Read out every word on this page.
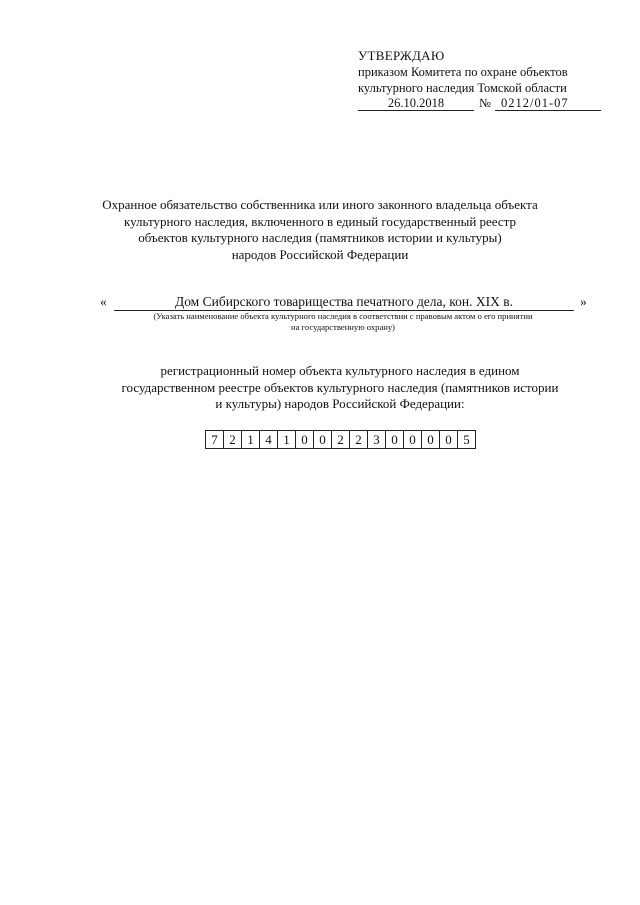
УТВЕРЖДАЮ
приказом Комитета по охране объектов
культурного наследия Томской области
26.10.2018	№ 0212/01-07
Охранное обязательство собственника или иного законного владельца объекта
культурного наследия, включенного в единый государственный реестр
объектов культурного наследия (памятников истории и культуры)
народов Российской Федерации
«	Дом Сибирского товарищества печатного дела, кон. XIX в.	»
(Указать наименование объекта культурного наследия в соответствии с правовым актом о его принятии
на государственную охрану)
регистрационный номер объекта культурного наследия в едином
государственном реестре объектов культурного наследия (памятников истории
и культуры) народов Российской Федерации:
7 2 1 4 1 0 0 2 2 3 0 0 0 0 5
